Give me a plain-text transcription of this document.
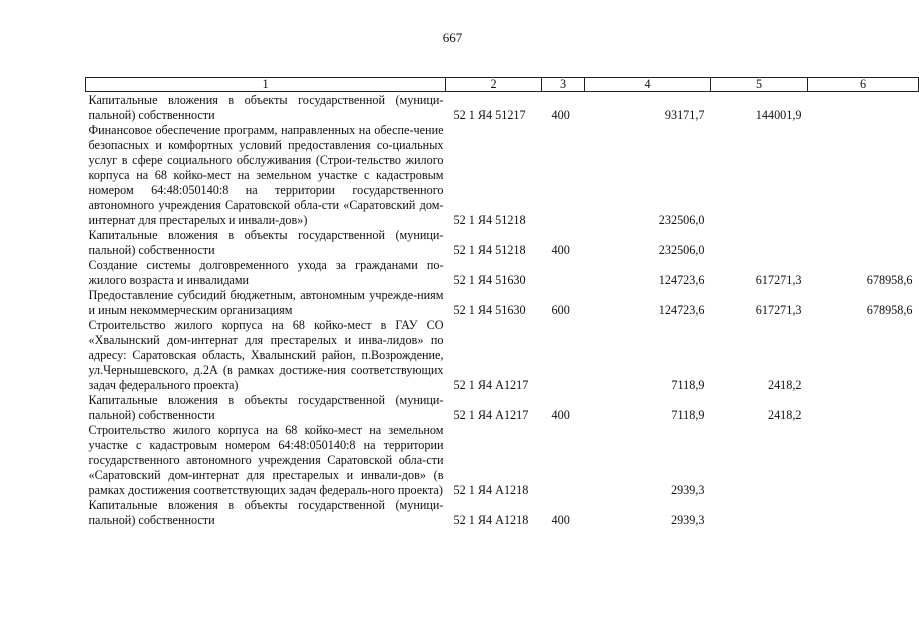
667
1	2	3	4	5	6
Капитальные вложения в объекты государственной (муници-пальной) собственности	52 1 Я4 51217	400	93171,7	144001,9	
Финансовое обеспечение программ, направленных на обеспе-чение безопасных и комфортных условий предоставления со-циальных услуг в сфере социального обслуживания (Строи-тельство жилого корпуса на 68 койко-мест на земельном участке с кадастровым номером 64:48:050140:8 на территории государственного автономного учреждения Саратовской обла-сти «Саратовский дом-интернат для престарелых и инвали-дов»)	52 1 Я4 51218		232506,0		
Капитальные вложения в объекты государственной (муници-пальной) собственности	52 1 Я4 51218	400	232506,0		
Создание системы долговременного ухода за гражданами по-жилого возраста и инвалидами	52 1 Я4 51630		124723,6	617271,3	678958,6
Предоставление субсидий бюджетным, автономным учрежде-ниям и иным некоммерческим организациям	52 1 Я4 51630	600	124723,6	617271,3	678958,6
Строительство жилого корпуса на 68 койко-мест в ГАУ СО «Хвалынский дом-интернат для престарелых и инва-лидов» по адресу: Саратовская область, Хвалынский район, п.Возрождение, ул.Чернышевского, д.2А (в рамках достиже-ния соответствующих задач федерального проекта)	52 1 Я4 А1217		7118,9	2418,2	
Капитальные вложения в объекты государственной (муници-пальной) собственности	52 1 Я4 А1217	400	7118,9	2418,2	
Строительство жилого корпуса на 68 койко-мест на земельном участке с кадастровым номером 64:48:050140:8 на территории государственного автономного учреждения Саратовской обла-сти «Саратовский дом-интернат для престарелых и инвали-дов» (в рамках достижения соответствующих задач федераль-ного проекта)	52 1 Я4 А1218		2939,3		
Капитальные вложения в объекты государственной (муници-пальной) собственности	52 1 Я4 А1218	400	2939,3		
